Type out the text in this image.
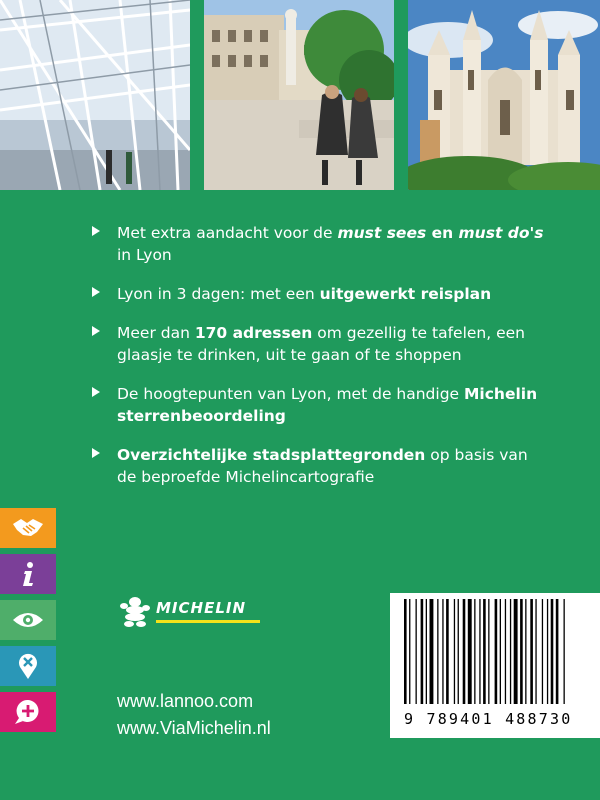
Met extra aandacht voor de must sees en must do's in Lyon
Lyon in 3 dagen: met een uitgewerkt reisplan
Meer dan 170 adressen om gezellig te tafelen, een glaasje te drinken, uit te gaan of te shoppen
De hoogtepunten van Lyon, met de handige Michelin sterrenbeoordeling
Overzichtelijke stadsplattegronden op basis van de beproefde Michelincartografie
MICHELIN
www.lannoo.com
www.ViaMichelin.nl	9 789401 488730
